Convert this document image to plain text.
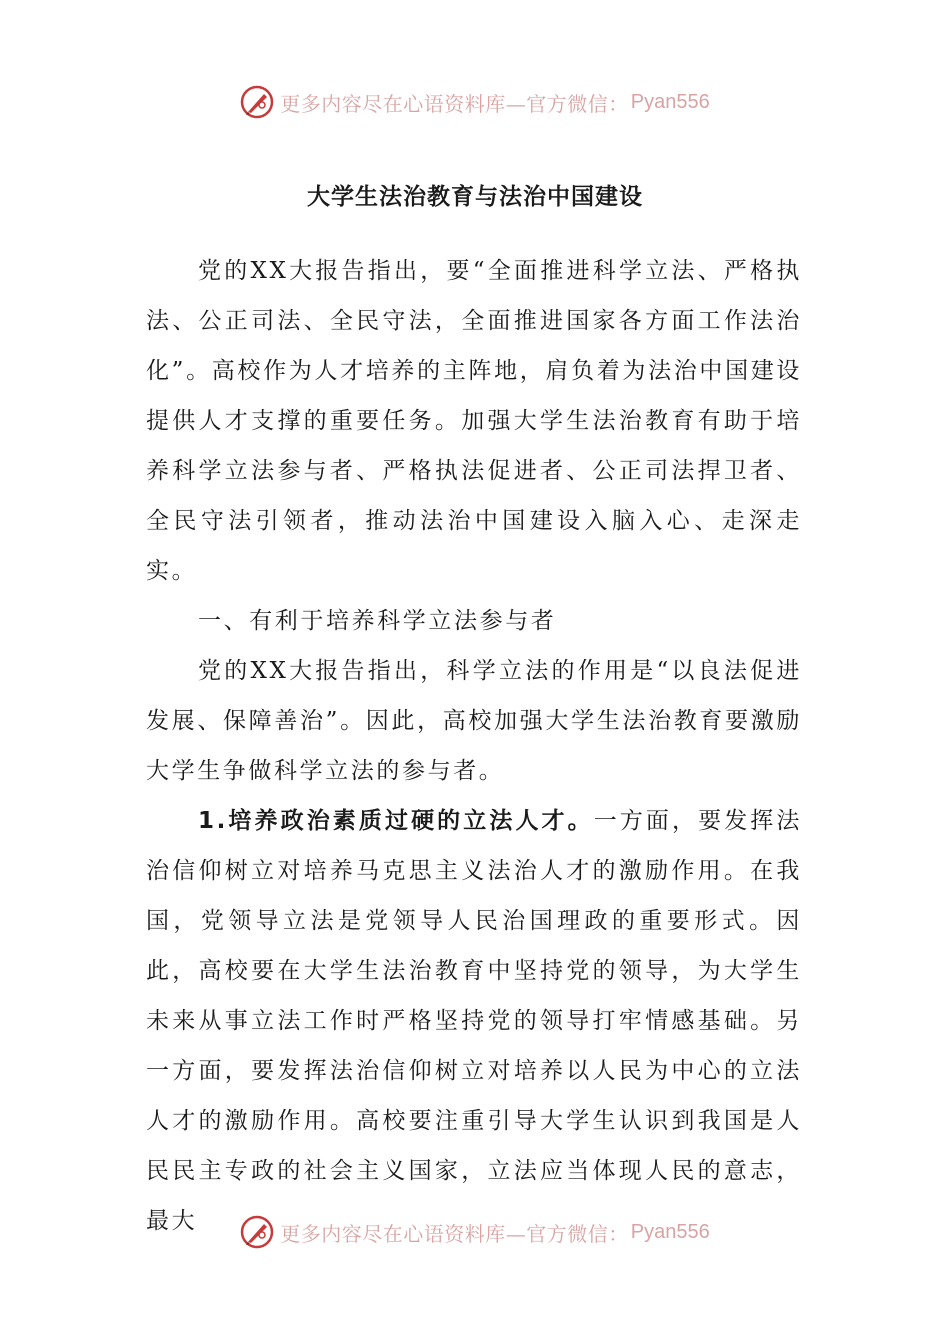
更多内容尽在心语资料库—官方微信： Pyan556
大学生法治教育与法治中国建设

党的XX大报告指出，要“全面推进科学立法、严格执法、公正司法、全民守法，全面推进国家各方面工作法治化”。高校作为人才培养的主阵地，肩负着为法治中国建设提供人才支撑的重要任务。加强大学生法治教育有助于培养科学立法参与者、严格执法促进者、公正司法捍卫者、全民守法引领者，推动法治中国建设入脑入心、走深走实。

一、有利于培养科学立法参与者

党的XX大报告指出，科学立法的作用是“以良法促进发展、保障善治”。因此，高校加强大学生法治教育要激励大学生争做科学立法的参与者。

1.培养政治素质过硬的立法人才。一方面，要发挥法治信仰树立对培养马克思主义法治人才的激励作用。在我国，党领导立法是党领导人民治国理政的重要形式。因此，高校要在大学生法治教育中坚持党的领导，为大学生未来从事立法工作时严格坚持党的领导打牢情感基础。另一方面，要发挥法治信仰树立对培养以人民为中心的立法人才的激励作用。高校要注重引导大学生认识到我国是人民民主专政的社会主义国家，立法应当体现人民的意志，最大	更多内容尽在心语资料库—官方微信： Pyan556
